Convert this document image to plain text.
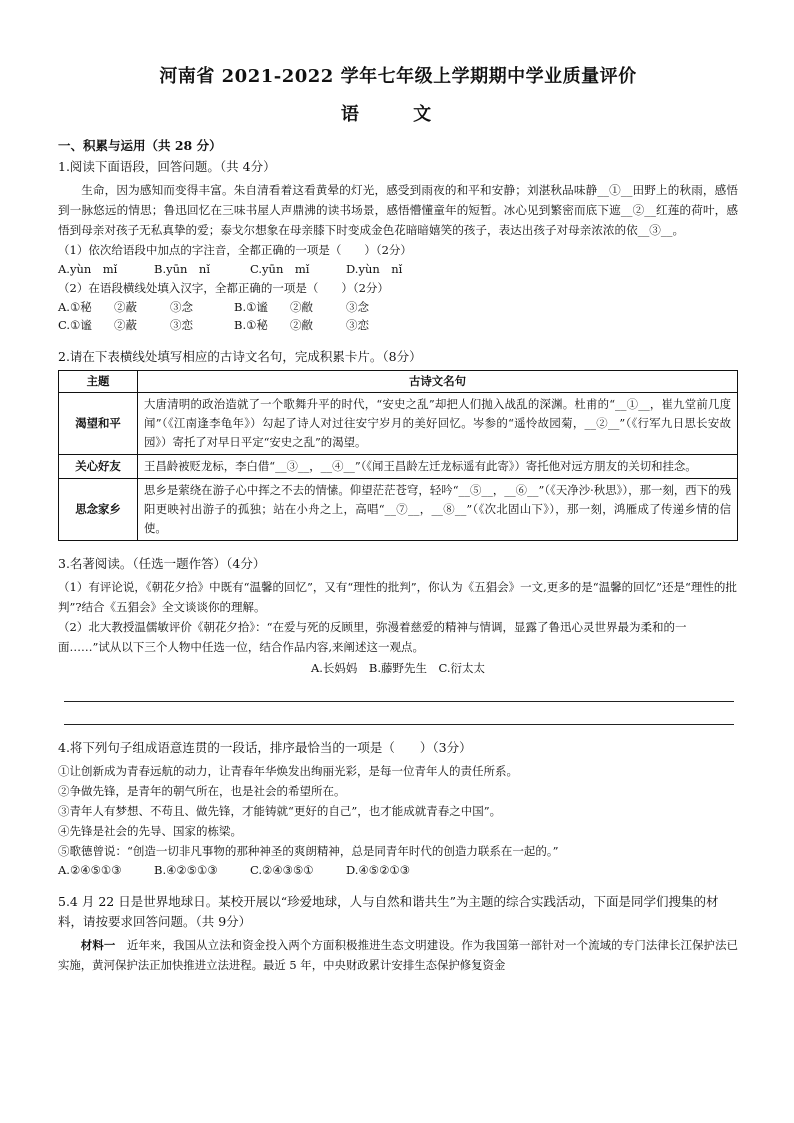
河南省 2021-2022 学年七年级上学期期中学业质量评价
语 文
一、积累与运用（共 28 分）
1.阅读下面语段，回答问题。（共 4分）

生命，因为感知而变得丰富。朱自清看着这看黄晕的灯光，感受到雨夜的和平和安静；刘湛秋品味静__①__田野上的秋雨，感悟到一脉悠远的情思；鲁迅回忆在三味书屋人声鼎沸的读书场景，感悟懵懂童年的短暂。冰心见到繁密而底下遮__②__红莲的荷叶，感悟到母亲对孩子无私真挚的爱；泰戈尔想象在母亲膝下时变成金色花暗暗嬉笑的孩子，表达出孩子对母亲浓浓的依__③__。

（1）依次给语段中加点的字注音，全都正确的一项是（　　）（2分）
A.yùn　mǐ	B.yūn　nǐ	C.yūn　mǐ	D.yùn　nǐ
（2）在语段横线处填入汉字，全都正确的一项是（　　）（2分）
A.①秘	②蔽	③念	B.①谧	②敝	③念
C.①谧	②蔽	③恋	B.①秘	②敝	③恋
2.请在下表横线处填写相应的古诗文名句，完成积累卡片。（8分）
主题	古诗文名句
渴望和平	大唐清明的政治造就了一个歌舞升平的时代，“安史之乱”却把人们抛入战乱的深渊。杜甫的“__①__，崔九堂前几度闻”（《江南逢李龟年》）勾起了诗人对过往安宁岁月的美好回忆。岑参的“遥怜故园菊，__②__”（《行军九日思长安故园》）寄托了对早日平定“安史之乱”的渴望。
关心好友	王昌龄被贬龙标，李白借“__③__，__④__”（《闻王昌龄左迁龙标遥有此寄》）寄托他对远方朋友的关切和挂念。
思念家乡	思乡是萦绕在游子心中挥之不去的情愫。仰望茫茫苍穹，轻吟“__⑤__，__⑥__”（《天净沙·秋思》），那一刻，西下的残阳更映衬出游子的孤独；站在小舟之上，高唱“__⑦__，__⑧__”（《次北固山下》），那一刻，鸿雁成了传递乡情的信使。
3.名著阅读。（任选一题作答）（4分）

（1）有评论说，《朝花夕拾》中既有“温馨的回忆”，又有“理性的批判”，你认为《五猖会》一文,更多的是“温馨的回忆”还是“理性的批判”?结合《五猖会》全文谈谈你的理解。

（2）北大教授温儒敏评价《朝花夕拾》：“在爱与死的反顾里，弥漫着慈爱的精神与情调，显露了鲁迅心灵世界最为柔和的一面……”试从以下三个人物中任选一位，结合作品内容,来阐述这一观点。

A.长妈妈　B.藤野先生　C.衍太太
4.将下列句子组成语意连贯的一段话，排序最恰当的一项是（　　）（3分）
①让创新成为青春远航的动力，让青春年华焕发出绚丽光彩，是每一位青年人的责任所系。
②争做先锋，是青年的朝气所在，也是社会的希望所在。
③青年人有梦想、不苟且、做先锋，才能铸就“更好的自己”，也才能成就青春之中国”。
④先锋是社会的先导、国家的栋梁。
⑤歌德曾说：“创造一切非凡事物的那种神圣的爽朗精神，总是同青年时代的创造力联系在一起的。”
A.②④⑤①③	B.④②⑤①③	C.②④③⑤①	D.④⑤②①③
5.4 月 22 日是世界地球日。某校开展以“珍爱地球，人与自然和谐共生”为主题的综合实践活动，下面是同学们搜集的材料，请按要求回答问题。（共 9分）

材料一　 近年来，我国从立法和资金投入两个方面积极推进生态文明建设。作为我国第一部针对一个流域的专门法律长江保护法已实施，黄河保护法正加快推进立法进程。最近 5 年，中央财政累计安排生态保护修复资金
